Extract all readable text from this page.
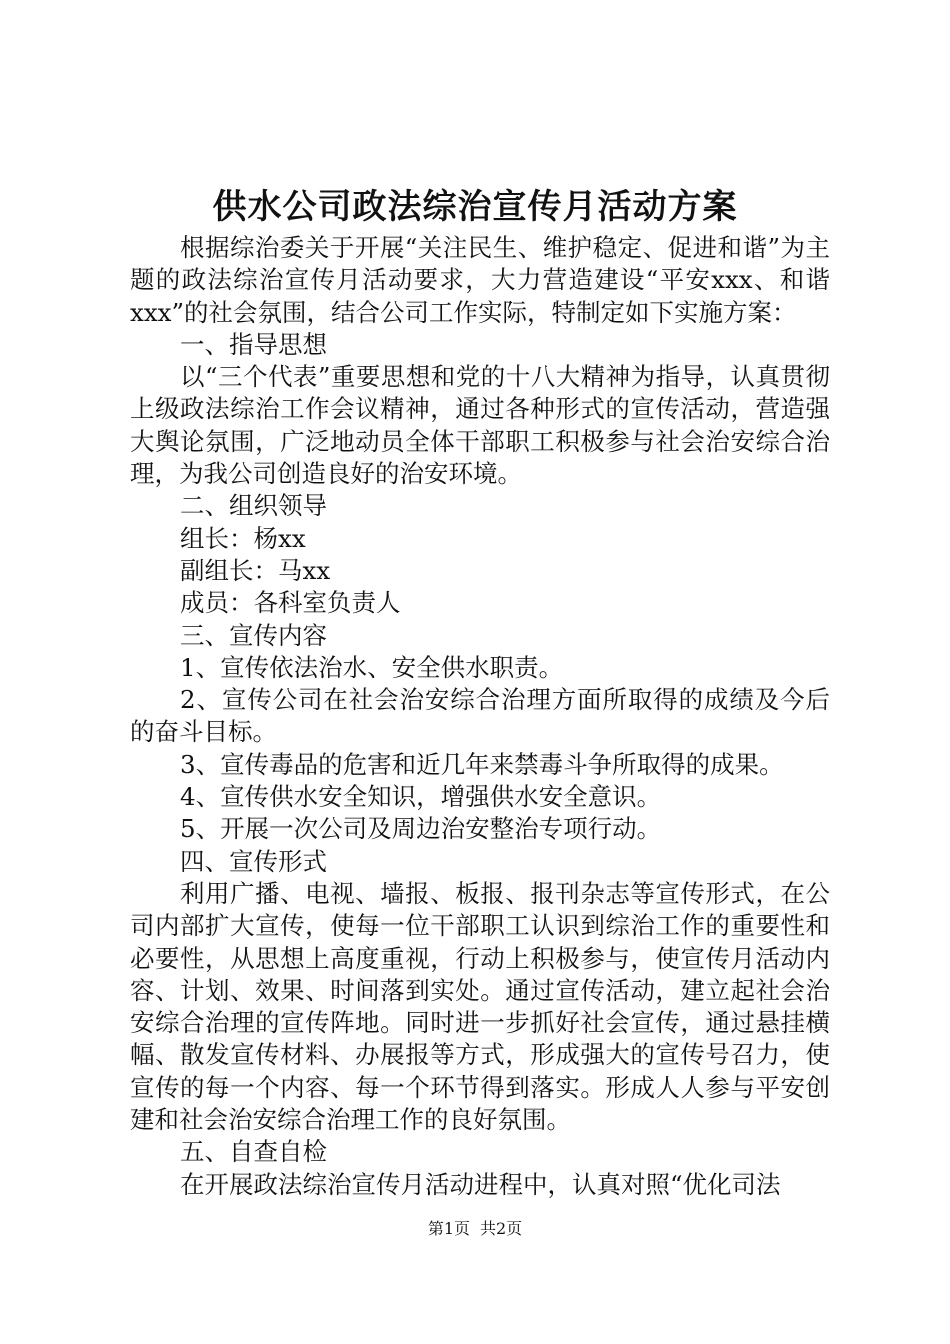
供水公司政法综治宣传月活动方案

根据综治委关于开展“关注民生、维护稳定、促进和谐”为主题的政法综治宣传月活动要求，大力营造建设“平安xxx、和谐xxx”的社会氛围，结合公司工作实际，特制定如下实施方案：

一、指导思想

以“三个代表”重要思想和党的十八大精神为指导，认真贯彻上级政法综治工作会议精神，通过各种形式的宣传活动，营造强大舆论氛围，广泛地动员全体干部职工积极参与社会治安综合治理，为我公司创造良好的治安环境。

二、组织领导

组长：杨xx

副组长：马xx

成员：各科室负责人

三、宣传内容

1、宣传依法治水、安全供水职责。

2、宣传公司在社会治安综合治理方面所取得的成绩及今后的奋斗目标。

3、宣传毒品的危害和近几年来禁毒斗争所取得的成果。

4、宣传供水安全知识，增强供水安全意识。

5、开展一次公司及周边治安整治专项行动。

四、宣传形式

利用广播、电视、墙报、板报、报刊杂志等宣传形式，在公司内部扩大宣传，使每一位干部职工认识到综治工作的重要性和必要性，从思想上高度重视，行动上积极参与，使宣传月活动内容、计划、效果、时间落到实处。通过宣传活动，建立起社会治安综合治理的宣传阵地。同时进一步抓好社会宣传，通过悬挂横幅、散发宣传材料、办展报等方式，形成强大的宣传号召力，使宣传的每一个内容、每一个环节得到落实。形成人人参与平安创建和社会治安综合治理工作的良好氛围。

五、自查自检

在开展政法综治宣传月活动进程中，认真对照“优化司法

第1页 共2页
